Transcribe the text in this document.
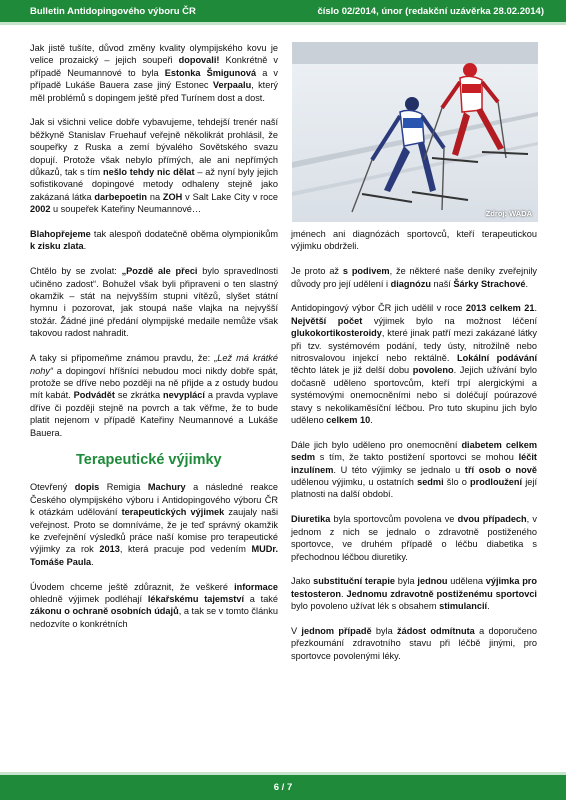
Bulletin Antidopingového výboru ČR	číslo 02/2014, únor (redakční uzávěrka 28.02.2014)
Zdroj: WADA

Jak jistě tušíte, důvod změny kvality olympijského kovu je velice prozaický – jejich soupeři dopovali! Konkrétně v případě Neumannové to byla Estonka Šmigunová a v případě Lukáše Bauera zase jiný Estonec Verpaalu, který měl problémů s dopingem ještě před Turínem dost a dost.

Jak si všichni velice dobře vybavujeme, tehdejší trenér naší běžkyně Stanislav Fruehauf veřejně několikrát prohlásil, že soupeřky z Ruska a zemí bývalého Sovětského svazu dopují. Protože však nebylo přímých, ale ani nepřímých důkazů, tak s tím nešlo tehdy nic dělat – až nyní byly jejich sofistikované dopingové metody odhaleny stejně jako zakázaná látka darbepoetin na ZOH v Salt Lake City v roce 2002 u soupeřek Kateřiny Neumannové…

Blahopřejeme tak alespoň dodatečně oběma olympionikům k zisku zlata.

Chtělo by se zvolat: „Pozdě ale přeci bylo spravedlnosti učiněno zadost“. Bohužel však byli připraveni o ten slastný okamžik – stát na nejvyšším stupni vítězů, slyšet státní hymnu i pozorovat, jak stoupá naše vlajka na nejvyšší stožár. Žádné jiné předání olympijské medaile nemůže však takovou radost nahradit.

A taky si připomeňme známou pravdu, že: „Lež má krátké nohy“ a dopingoví hříšníci nebudou moci nikdy dobře spát, protože se dříve nebo později na ně přijde a z ostudy budou mít kabát. Podvádět se zkrátka nevyplácí a pravda vyplave dříve či později stejně na povrch a tak věřme, že to bude platit nejenom v případě Kateřiny Neumannové a Lukáše Bauera.

Terapeutické výjimky

Otevřený dopis Remigia Machury a následné reakce Českého olympijského výboru i Antidopingového výboru ČR k otázkám udělování terapeutických výjimek zaujaly naši veřejnost. Proto se domníváme, že je teď správný okamžik ke zveřejnění výsledků práce naší komise pro terapeutické výjimky za rok 2013, která pracuje pod vedením MUDr. Tomáše Paula.

Úvodem chceme ještě zdůraznit, že veškeré informace ohledně výjimek podléhají lékařskému tajemství a také zákonu o ochraně osobních údajů, a tak se v tomto článku nedozvíte o konkrétních

jménech ani diagnózách sportovců, kteří terapeutickou výjimku obdrželi.

Je proto až s podivem, že některé naše deníky zveřejnily důvody pro její udělení i diagnózu naší Šárky Strachové.

Antidopingový výbor ČR jich udělil v roce 2013 celkem 21. Největší počet výjimek bylo na možnost léčení glukokortikosteroidy, které jinak patří mezi zakázané látky při tzv. systémovém podání, tedy ústy, nitrožilně nebo nitrosvalovou injekcí nebo rektálně. Lokální podávání těchto látek je již delší dobu povoleno. Jejich užívání bylo dočasně uděleno sportovcům, kteří trpí alergickými a systémovými onemocněními nebo si doléčují poúrazové stavy s nekolikaměsíční léčbou. Pro tuto skupinu jich bylo uděleno celkem 10.

Dále jich bylo uděleno pro onemocnění diabetem celkem sedm s tím, že takto postižení sportovci se mohou léčit inzulínem. U této výjimky se jednalo u tří osob o nově udělenou výjimku, u ostatních sedmi šlo o prodloužení její platnosti na další období.

Diuretika byla sportovcům povolena ve dvou případech, v jednom z nich se jednalo o zdravotně postiženého sportovce, ve druhém případě o léčbu diabetika s přechodnou léčbou diuretiky.

Jako substituční terapie byla jednou udělena výjimka pro testosteron. Jednomu zdravotně postiženému sportovci bylo povoleno užívat lék s obsahem stimulancií.

V jednom případě byla žádost odmítnuta a doporučeno přezkoumání zdravotního stavu při léčbě jinými, pro sportovce povolenými léky.

6 / 7
